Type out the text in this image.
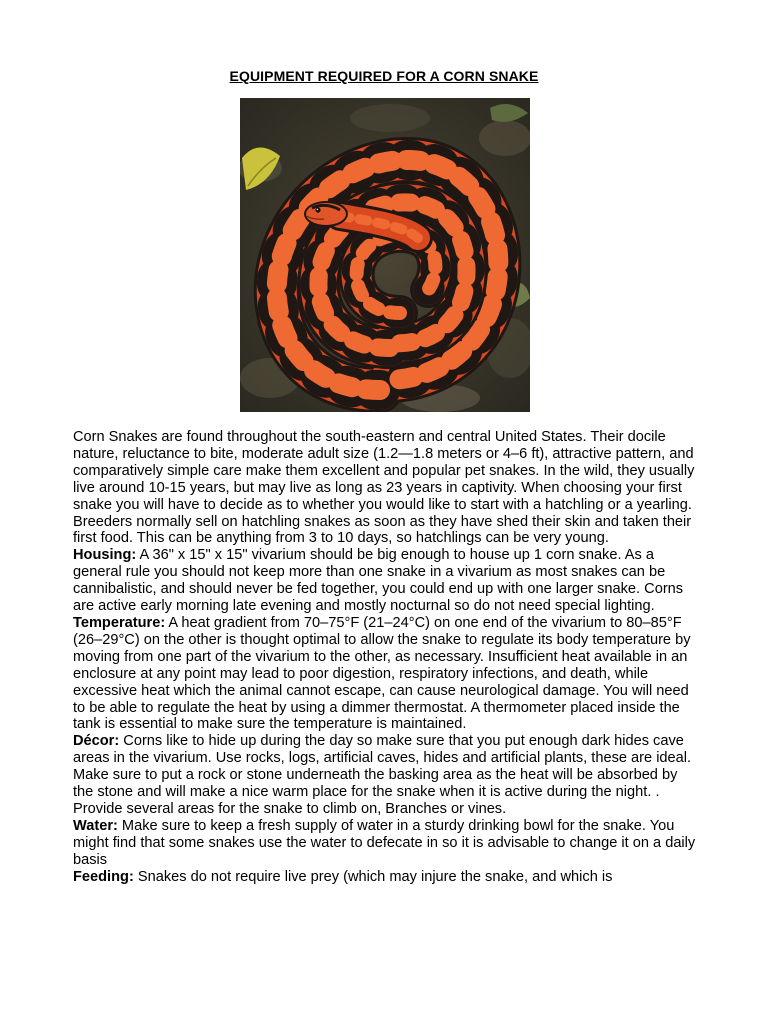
EQUIPMENT REQUIRED FOR A CORN SNAKE

Corn Snakes are found throughout the south-eastern and central United States. Their docile nature, reluctance to bite, moderate adult size (1.2—1.8 meters or 4–6 ft), attractive pattern, and comparatively simple care make them excellent and popular pet snakes. In the wild, they usually live around 10-15 years, but may live as long as 23 years in captivity. When choosing your first snake you will have to decide as to whether you would like to start with a hatchling or a yearling. Breeders normally sell on hatchling snakes as soon as they have shed their skin and taken their first food. This can be anything from 3 to 10 days, so hatchlings can be very young.

Housing: A 36" x 15" x 15" vivarium should be big enough to house up 1 corn snake. As a general rule you should not keep more than one snake in a vivarium as most snakes can be cannibalistic, and should never be fed together, you could end up with one larger snake. Corns are active early morning late evening and mostly nocturnal so do not need special lighting.

Temperature: A heat gradient from 70–75°F (21–24°C) on one end of the vivarium to 80–85°F (26–29°C) on the other is thought optimal to allow the snake to regulate its body temperature by moving from one part of the vivarium to the other, as necessary. Insufficient heat available in an enclosure at any point may lead to poor digestion, respiratory infections, and death, while excessive heat which the animal cannot escape, can cause neurological damage. You will need to be able to regulate the heat by using a dimmer thermostat. A thermometer placed inside the tank is essential to make sure the temperature is maintained.

Décor: Corns like to hide up during the day so make sure that you put enough dark hides cave areas in the vivarium. Use rocks, logs, artificial caves, hides and artificial plants, these are ideal. Make sure to put a rock or stone underneath the basking area as the heat will be absorbed by the stone and will make a nice warm place for the snake when it is active during the night. .

Provide several areas for the snake to climb on, Branches or vines.

Water: Make sure to keep a fresh supply of water in a sturdy drinking bowl for the snake. You might find that some snakes use the water to defecate in so it is advisable to change it on a daily basis

Feeding: Snakes do not require live prey (which may injure the snake, and which is
